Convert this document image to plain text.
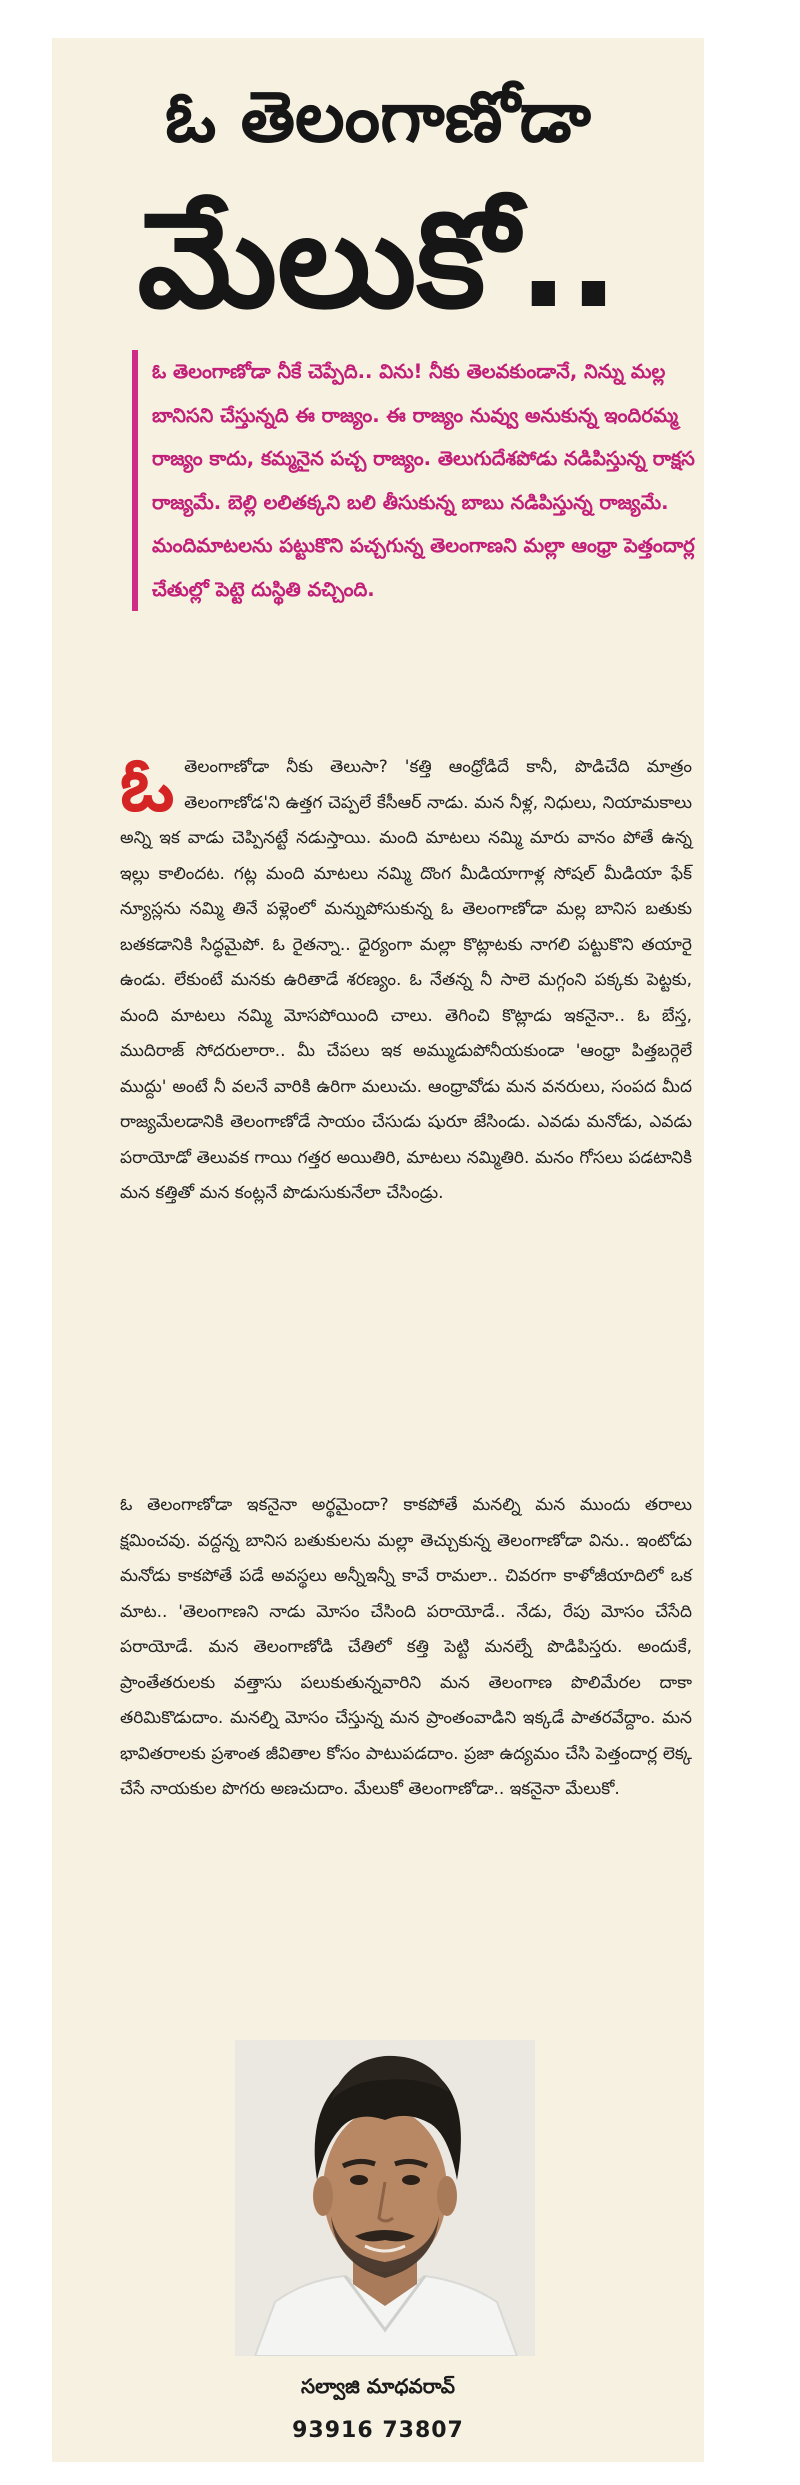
ఓ తెలంగాణోడా
మేలుకో..
ఓ తెలంగాణోడా నీకే చెప్పేది.. విను! నీకు తెలవకుండానే, నిన్ను మల్ల బానిసని చేస్తున్నది ఈ రాజ్యం. ఈ రాజ్యం నువ్వు అనుకున్న ఇందిరమ్మ రాజ్యం కాదు, కమ్మనైన పచ్చ రాజ్యం. తెలుగుదేశపోడు నడిపిస్తున్న రాక్షస రాజ్యమే. బెల్లి లలితక్కని బలి తీసుకున్న బాబు నడిపిస్తున్న రాజ్యమే. మందిమాటలను పట్టుకొని పచ్చగున్న తెలంగాణని మల్లా ఆంధ్రా పెత్తందార్ల చేతుల్లో పెట్టె దుస్థితి వచ్చింది.
ఓ తెలంగాణోడా నీకు తెలుసా? 'కత్తి ఆంధ్రోడిదే కానీ, పొడిచేది మాత్రం తెలంగాణోడ'ని ఉత్తగ చెప్పలే కేసీఆర్ నాడు. మన నీళ్ల, నిధులు, నియామకాలు అన్ని ఇక వాడు చెప్పినట్టే నడుస్తాయి. మంది మాటలు నమ్మి మారు వానం పోతే ఉన్న ఇల్లు కాలిందట. గట్ల మంది మాటలు నమ్మి దొంగ మీడియాగాళ్ల సోషల్ మీడియా ఫేక్ న్యూస్లను నమ్మి తినే పళ్లెంలో మన్నుపోసుకున్న ఓ తెలంగాణోడా మల్ల బానిస బతుకు బతకడానికి సిద్ధమైపో. ఓ రైతన్నా.. ధైర్యంగా మల్లా కొట్లాటకు నాగలి పట్టుకొని తయారై ఉండు. లేకుంటే మనకు ఉరితాడే శరణ్యం. ఓ నేతన్న నీ సాలె మగ్గంని పక్కకు పెట్టకు, మంది మాటలు నమ్మి మోసపోయింది చాలు. తెగించి కొట్లాడు ఇకనైనా.. ఓ బేస్త, ముదిరాజ్ సోదరులారా.. మీ చేపలు ఇక అమ్ముడుపోనీయకుండా 'ఆంధ్రా పిత్తబర్గెలే ముద్దు' అంటే నీ వలనే వారికి ఉరిగా మలుచు. ఆంధ్రావోడు మన వనరులు, సంపద మీద రాజ్యమేలడానికి తెలంగాణోడే సాయం చేసుడు షురూ జేసిండు. ఎవడు మనోడు, ఎవడు పరాయోడో తెలువక గాయి గత్తర అయితిరి, మాటలు నమ్మితిరి. మనం గోసలు పడటానికి మన కత్తితో మన కంట్లనే పొడుసుకునేలా చేసిండ్రు.
ఓ తెలంగాణోడా ఇకనైనా అర్థమైందా? కాకపోతే మనల్ని మన ముందు తరాలు క్షమించవు. వద్దన్న బానిస బతుకులను మల్లా తెచ్చుకున్న తెలంగాణోడా విను.. ఇంటోడు మనోడు కాకపోతే పడే అవస్థలు అన్నీఇన్నీ కావే రామలా.. చివరగా కాళోజీయాదిలో ఒక మాట.. 'తెలంగాణని నాడు మోసం చేసింది పరాయోడే.. నేడు, రేపు మోసం చేసేది పరాయోడే. మన తెలంగాణోడి చేతిలో కత్తి పెట్టి మనల్నే పొడిపిస్తరు. అందుకే, ప్రాంతేతరులకు వత్తాసు పలుకుతున్నవారిని మన తెలంగాణ పొలిమేరల దాకా తరిమికొడుదాం. మనల్ని మోసం చేస్తున్న మన ప్రాంతంవాడిని ఇక్కడే పాతరవేద్దాం. మన భావితరాలకు ప్రశాంత జీవితాల కోసం పాటుపడదాం. ప్రజా ఉద్యమం చేసి పెత్తందార్ల లెక్క చేసే నాయకుల పొగరు అణచుదాం. మేలుకో తెలంగాణోడా.. ఇకనైనా మేలుకో.
సల్వాజి మాధవరావ్
93916 73807
